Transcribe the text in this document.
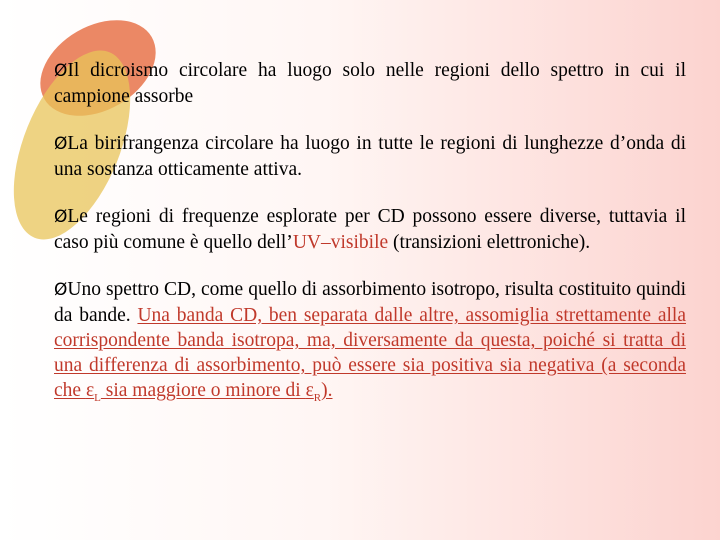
ØIl dicroismo circolare ha luogo solo nelle regioni dello spettro in cui il campione assorbe

ØLa birifrangenza circolare ha luogo in tutte le regioni di lunghezze d’onda di una sostanza otticamente attiva.

ØLe regioni di frequenze esplorate per CD possono essere diverse, tuttavia il caso più comune è quello dell’UV–visibile (transizioni elettroniche).

ØUno spettro CD, come quello di assorbimento isotropo, risulta costituito quindi da bande. Una banda CD, ben separata dalle altre, assomiglia strettamente alla corrispondente banda isotropa, ma, diversamente da questa, poiché si tratta di una differenza di assorbimento, può essere sia positiva sia negativa (a seconda che $\varepsilon_L$ sia maggiore o minore di $\varepsilon_R$).
